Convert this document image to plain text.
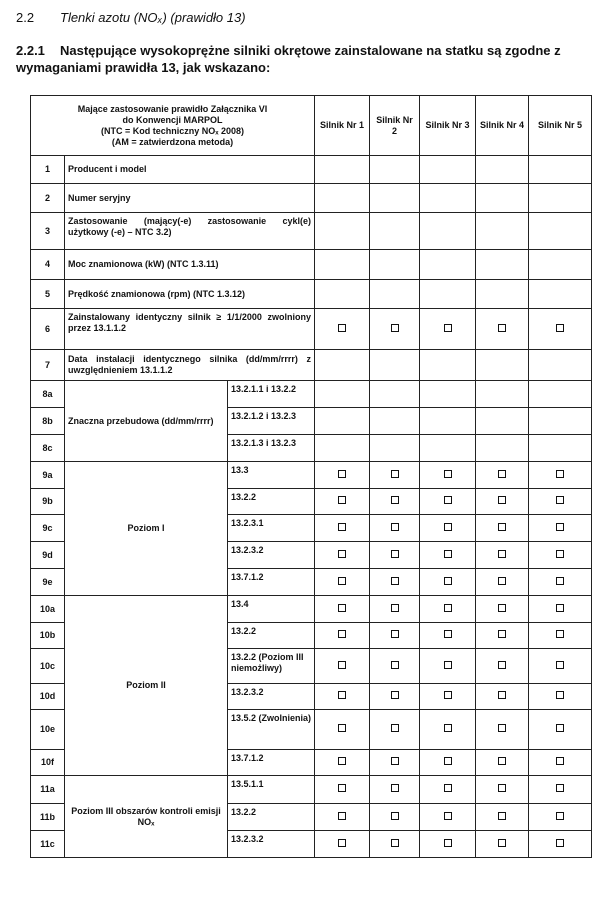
2.2 Tlenki azotu (NOₓ) (prawidło 13)
2.2.1 Następujące wysokoprężne silniki okrętowe zainstalowane na statku są zgodne z wymaganiami prawidła 13, jak wskazano:
Mające zastosowanie prawidło Załącznika VI
do Konwencji MARPOL
(NTC = Kod techniczny NOₓ 2008)
(AM = zatwierdzona metoda)			Silnik Nr 1	Silnik Nr 2	Silnik Nr 3	Silnik Nr 4	Silnik Nr 5
1	Producent i model						
2	Numer seryjny						
3	Zastosowanie (mający(-e) zastosowanie cykl(e) użytkowy (-e) – NTC 3.2)						
4	Moc znamionowa (kW) (NTC 1.3.11)						
5	Prędkość znamionowa (rpm) (NTC 1.3.12)						
6	Zainstalowany identyczny silnik ≥ 1/1/2000 zwolniony przez 13.1.1.2						
7	Data instalacji identycznego silnika (dd/mm/rrrr) z uwzględnieniem 13.1.1.2						
8a	Znaczna przebudowa (dd/mm/rrrr)	13.2.1.1 i 13.2.2					
8b		13.2.1.2 i 13.2.3					
8c		13.2.1.3 i 13.2.3					
9a	Poziom I	13.3					
9b		13.2.2					
9c		13.2.3.1					
9d		13.2.3.2					
9e		13.7.1.2					
10a	Poziom II	13.4					
10b		13.2.2					
10c		13.2.2 (Poziom III niemożliwy)					
10d		13.2.3.2					
10e		13.5.2 (Zwolnienia)					
10f		13.7.1.2					
11a	Poziom III obszarów kontroli emisji NOₓ	13.5.1.1					
11b		13.2.2					
11c		13.2.3.2					
